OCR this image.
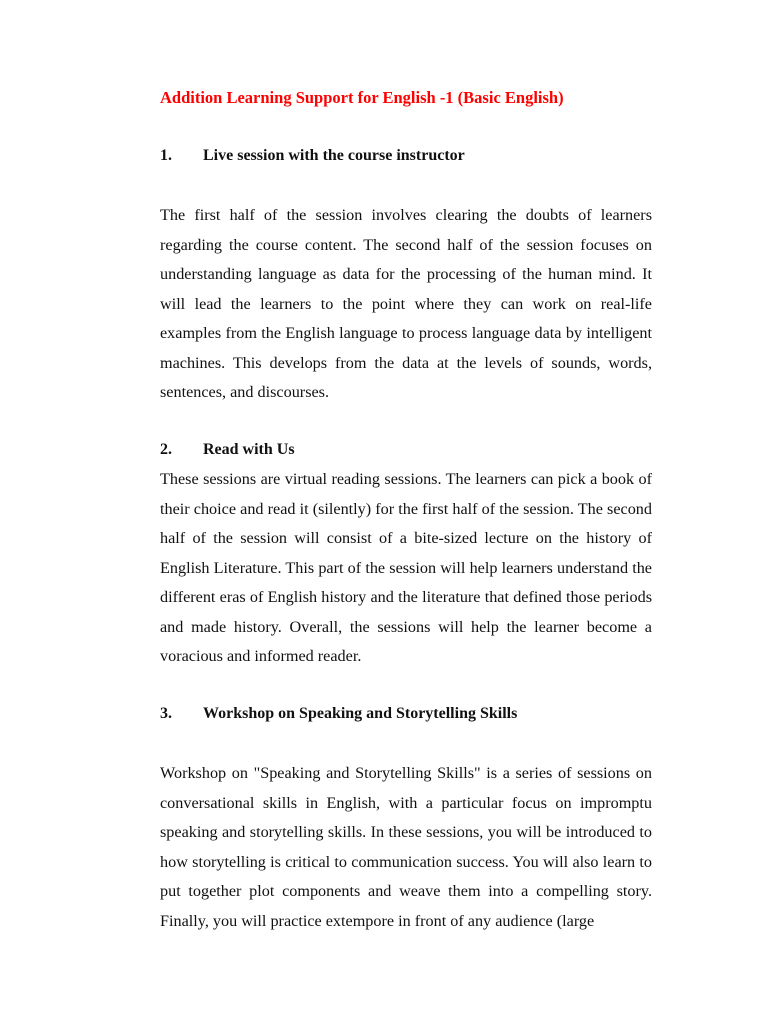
Addition Learning Support for English -1 (Basic English)
1. Live session with the course instructor

The first half of the session involves clearing the doubts of learners regarding the course content. The second half of the session focuses on understanding language as data for the processing of the human mind. It will lead the learners to the point where they can work on real-life examples from the English language to process language data by intelligent machines. This develops from the data at the levels of sounds, words, sentences, and discourses.

2. Read with Us

These sessions are virtual reading sessions. The learners can pick a book of their choice and read it (silently) for the first half of the session. The second half of the session will consist of a bite-sized lecture on the history of English Literature. This part of the session will help learners understand the different eras of English history and the literature that defined those periods and made history. Overall, the sessions will help the learner become a voracious and informed reader.

3. Workshop on Speaking and Storytelling Skills

Workshop on "Speaking and Storytelling Skills" is a series of sessions on conversational skills in English, with a particular focus on impromptu speaking and storytelling skills. In these sessions, you will be introduced to how storytelling is critical to communication success. You will also learn to put together plot components and weave them into a compelling story. Finally, you will practice extempore in front of any audience (large
